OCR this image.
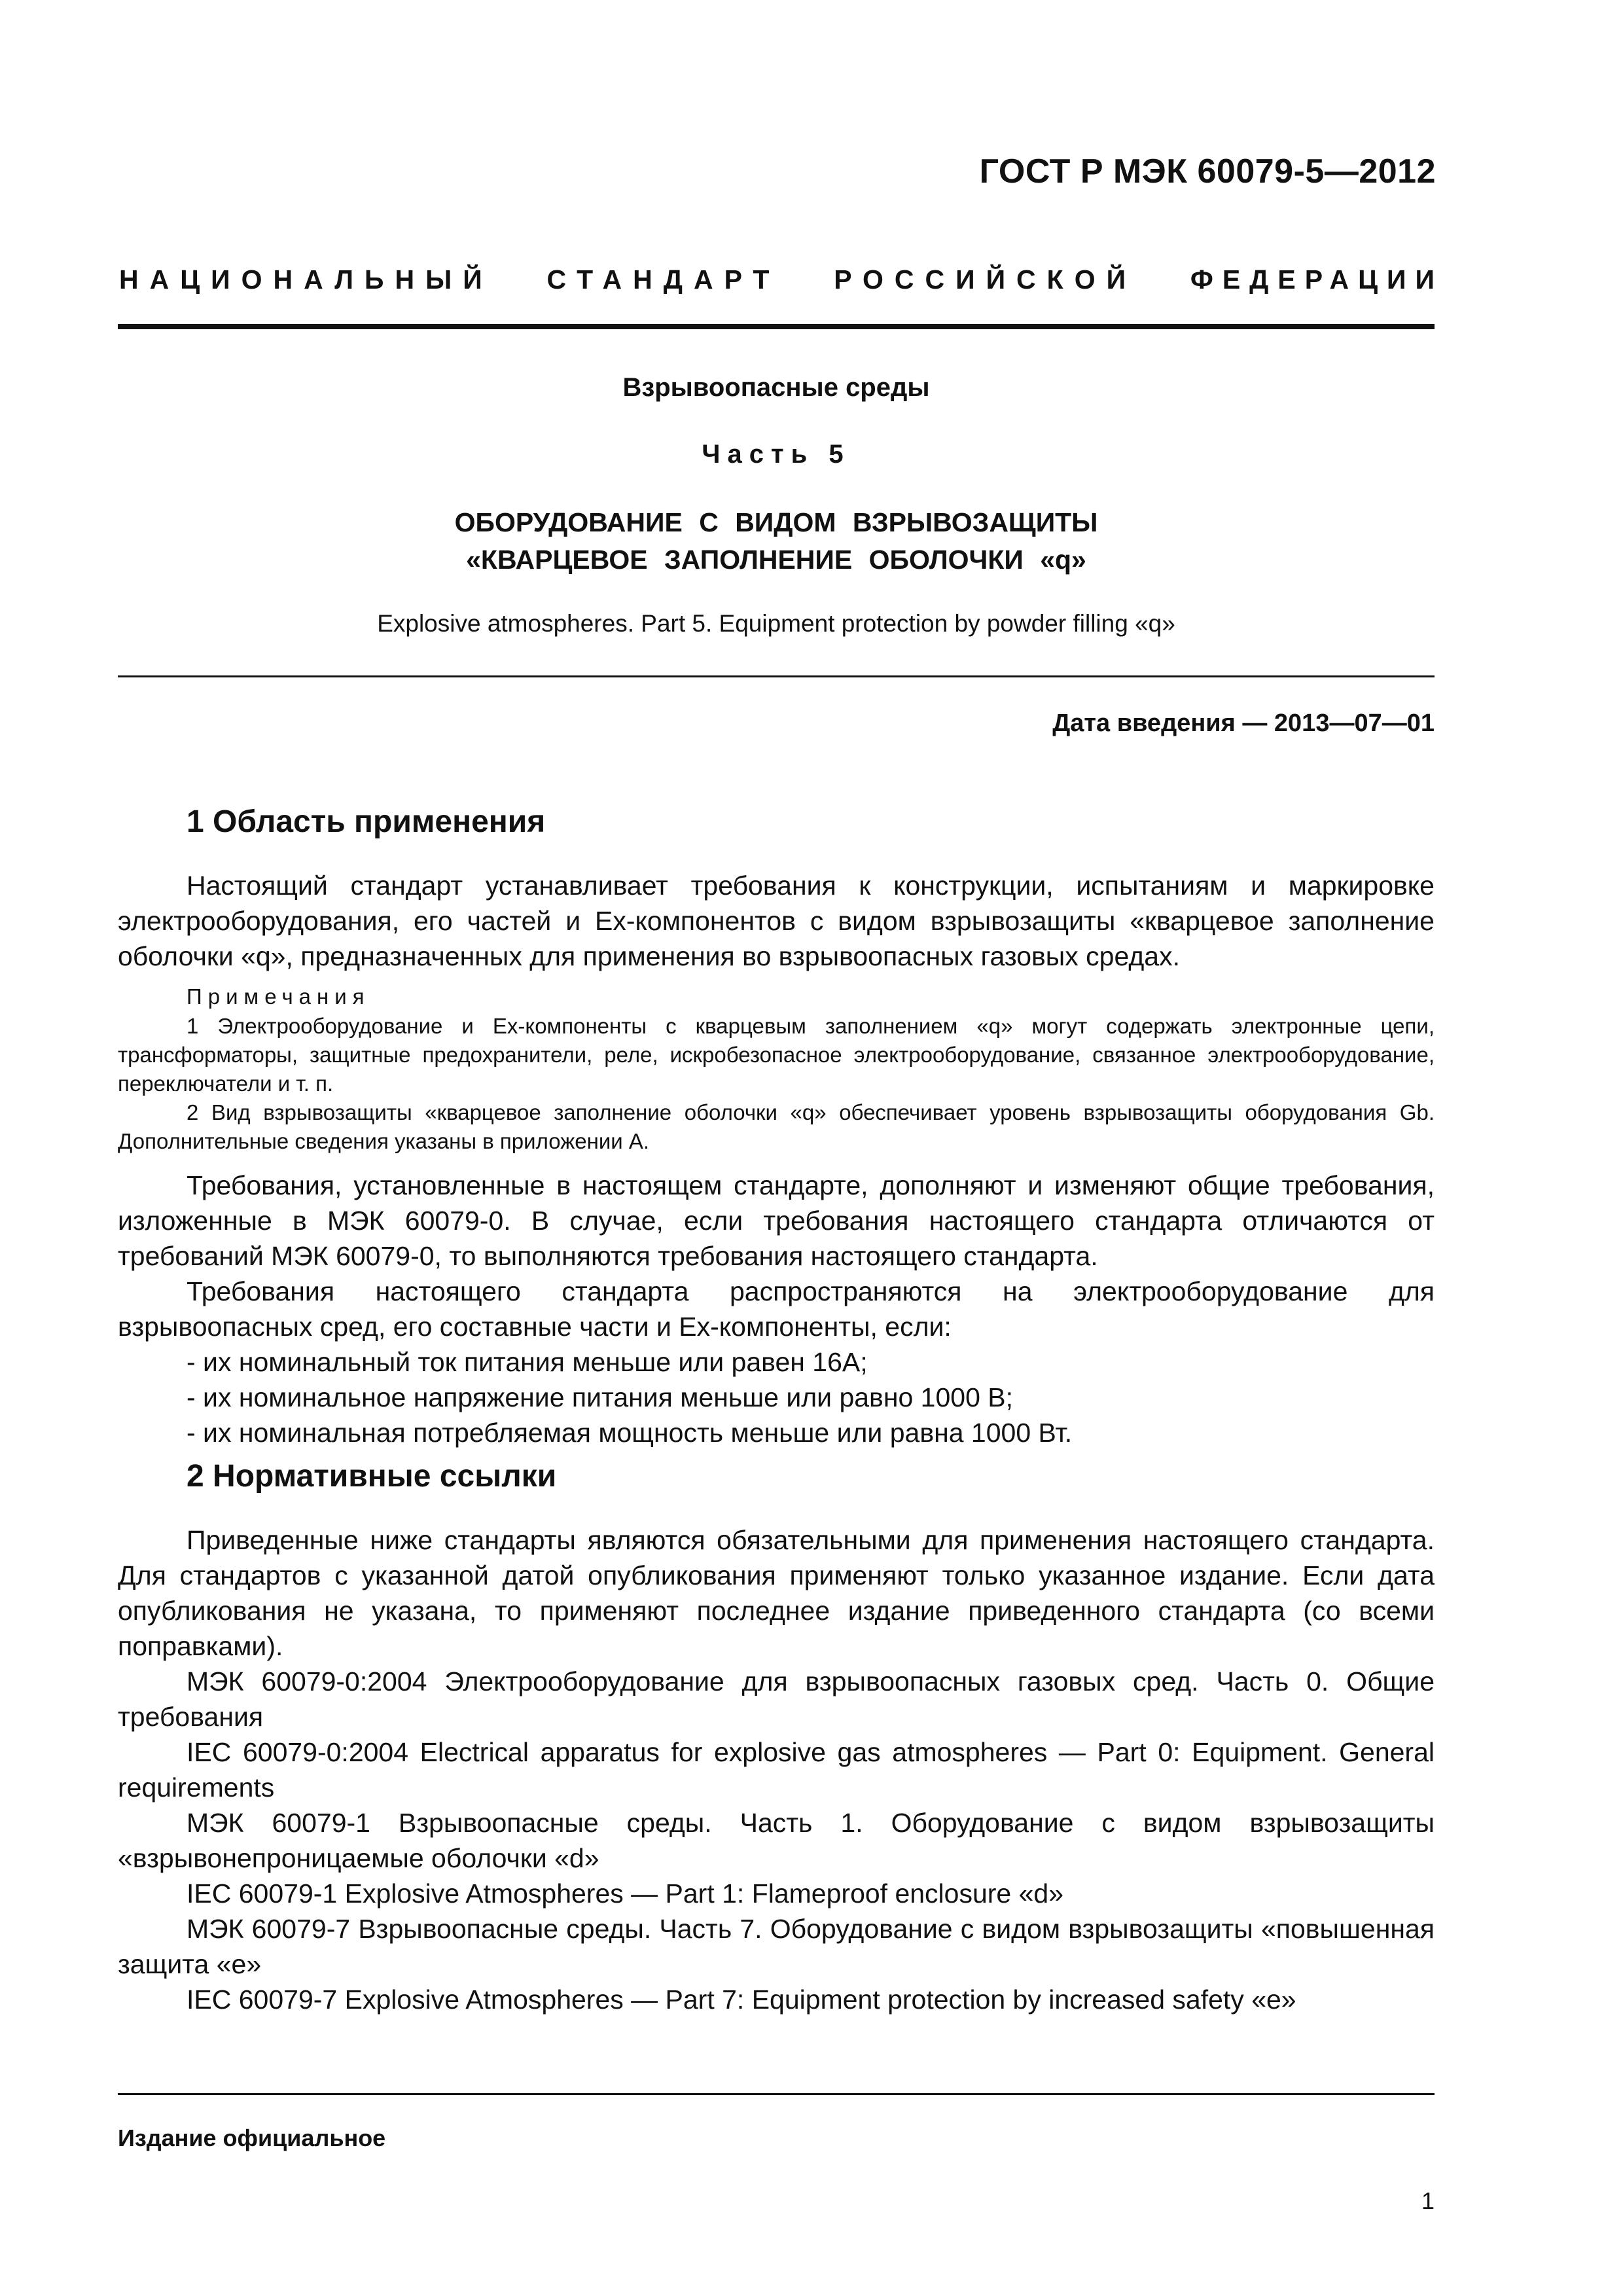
ГОСТ Р МЭК 60079-5—2012
НАЦИОНАЛЬНЫЙ СТАНДАРТ РОССИЙСКОЙ ФЕДЕРАЦИИ
Взрывоопасные среды
Часть 5
ОБОРУДОВАНИЕ С ВИДОМ ВЗРЫВОЗАЩИТЫ
«КВАРЦЕВОЕ ЗАПОЛНЕНИЕ ОБОЛОЧКИ «q»
Explosive atmospheres. Part 5. Equipment protection by powder filling «q»
Дата введения — 2013—07—01
1 Область применения

Настоящий стандарт устанавливает требования к конструкции, испытаниям и маркировке электрооборудования, его частей и Ex-компонентов с видом взрывозащиты «кварцевое заполнение оболочки «q», предназначенных для применения во взрывоопасных газовых средах.

Примечания

1 Электрооборудование и Ex-компоненты с кварцевым заполнением «q» могут содержать электронные цепи, трансформаторы, защитные предохранители, реле, искробезопасное электрооборудование, связанное электрооборудование, переключатели и т. п.

2 Вид взрывозащиты «кварцевое заполнение оболочки «q» обеспечивает уровень взрывозащиты оборудования Gb. Дополнительные сведения указаны в приложении А.

Требования, установленные в настоящем стандарте, дополняют и изменяют общие требования, изложенные в МЭК 60079-0. В случае, если требования настоящего стандарта отличаются от требований МЭК 60079-0, то выполняются требования настоящего стандарта.

Требования настоящего стандарта распространяются на электрооборудование для взрывоопасных сред, его составные части и Ex-компоненты, если:

- их номинальный ток питания меньше или равен 16А;
- их номинальное напряжение питания меньше или равно 1000 В;
- их номинальная потребляемая мощность меньше или равна 1000 Вт.
2 Нормативные ссылки

Приведенные ниже стандарты являются обязательными для применения настоящего стандарта. Для стандартов с указанной датой опубликования применяют только указанное издание. Если дата опубликования не указана, то применяют последнее издание приведенного стандарта (со всеми поправками).

МЭК 60079-0:2004 Электрооборудование для взрывоопасных газовых сред. Часть 0. Общие требования

IEC 60079-0:2004 Electrical apparatus for explosive gas atmospheres — Part 0: Equipment. General requirements

МЭК 60079-1 Взрывоопасные среды. Часть 1. Оборудование с видом взрывозащиты «взрывонепроницаемые оболочки «d»

IEC 60079-1 Explosive Atmospheres — Part 1: Flameproof enclosure «d»

МЭК 60079-7 Взрывоопасные среды. Часть 7. Оборудование с видом взрывозащиты «повышенная защита «е»

IEC 60079-7 Explosive Atmospheres — Part 7: Equipment protection by increased safety «e»

Издание официальное
1
